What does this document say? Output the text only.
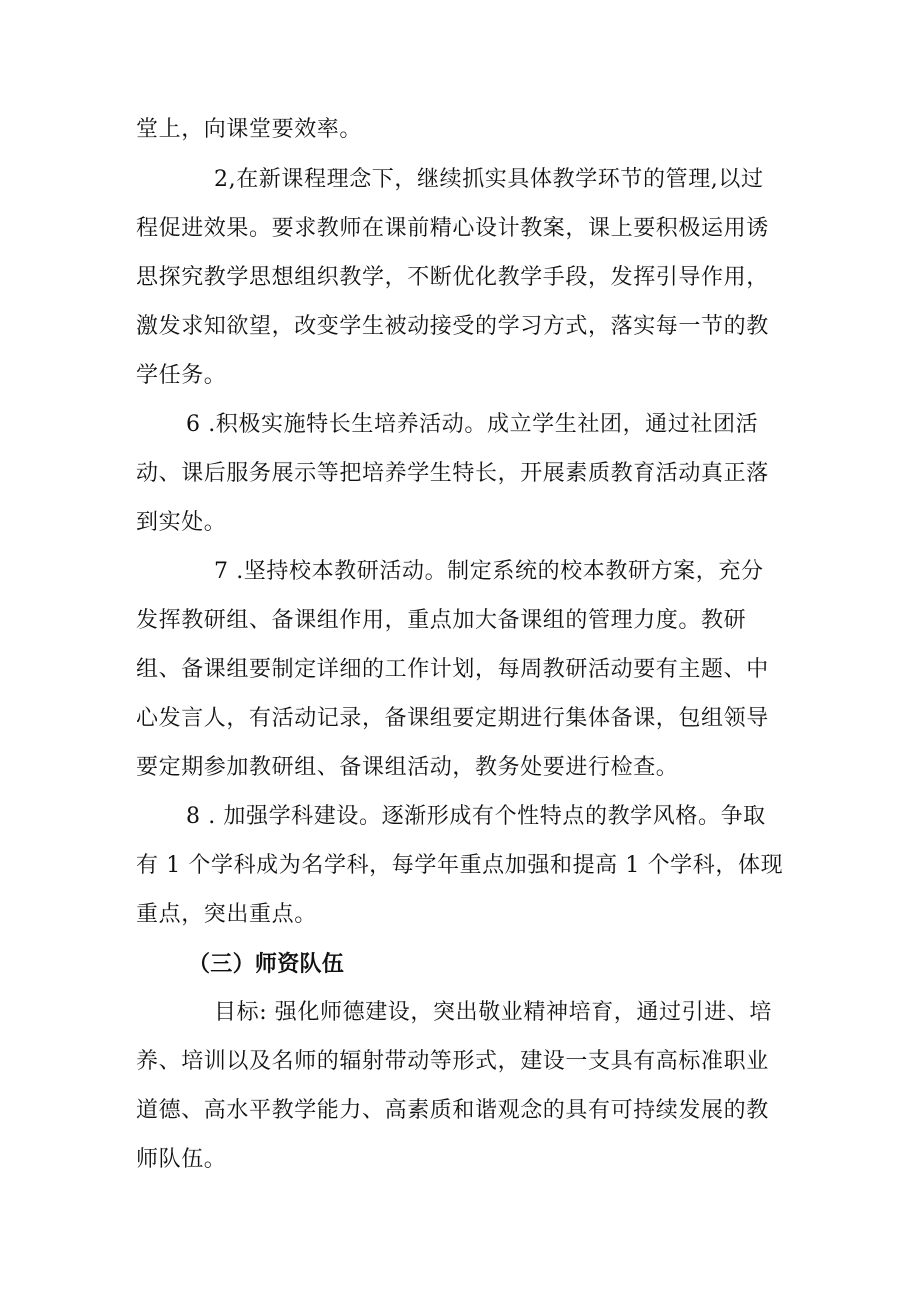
堂上，向课堂要效率。
2,在新课程理念下，继续抓实具体教学环节的管理,以过
程促进效果。要求教师在课前精心设计教案，课上要积极运用诱
思探究教学思想组织教学，不断优化教学手段，发挥引导作用，
激发求知欲望，改变学生被动接受的学习方式，落实每一节的教
学任务。
6 .积极实施特长生培养活动。成立学生社团，通过社团活
动、课后服务展示等把培养学生特长，开展素质教育活动真正落
到实处。
7 .坚持校本教研活动。制定系统的校本教研方案，充分
发挥教研组、备课组作用，重点加大备课组的管理力度。教研
组、备课组要制定详细的工作计划，每周教研活动要有主题、中
心发言人，有活动记录，备课组要定期进行集体备课，包组领导
要定期参加教研组、备课组活动，教务处要进行检查。
8 . 加强学科建设。逐渐形成有个性特点的教学风格。争取
有 1 个学科成为名学科，每学年重点加强和提高 1 个学科，体现
重点，突出重点。
（三）师资队伍
目标: 强化师德建设，突出敬业精神培育，通过引进、培
养、培训以及名师的辐射带动等形式，建设一支具有高标准职业
道德、高水平教学能力、高素质和谐观念的具有可持续发展的教
师队伍。
